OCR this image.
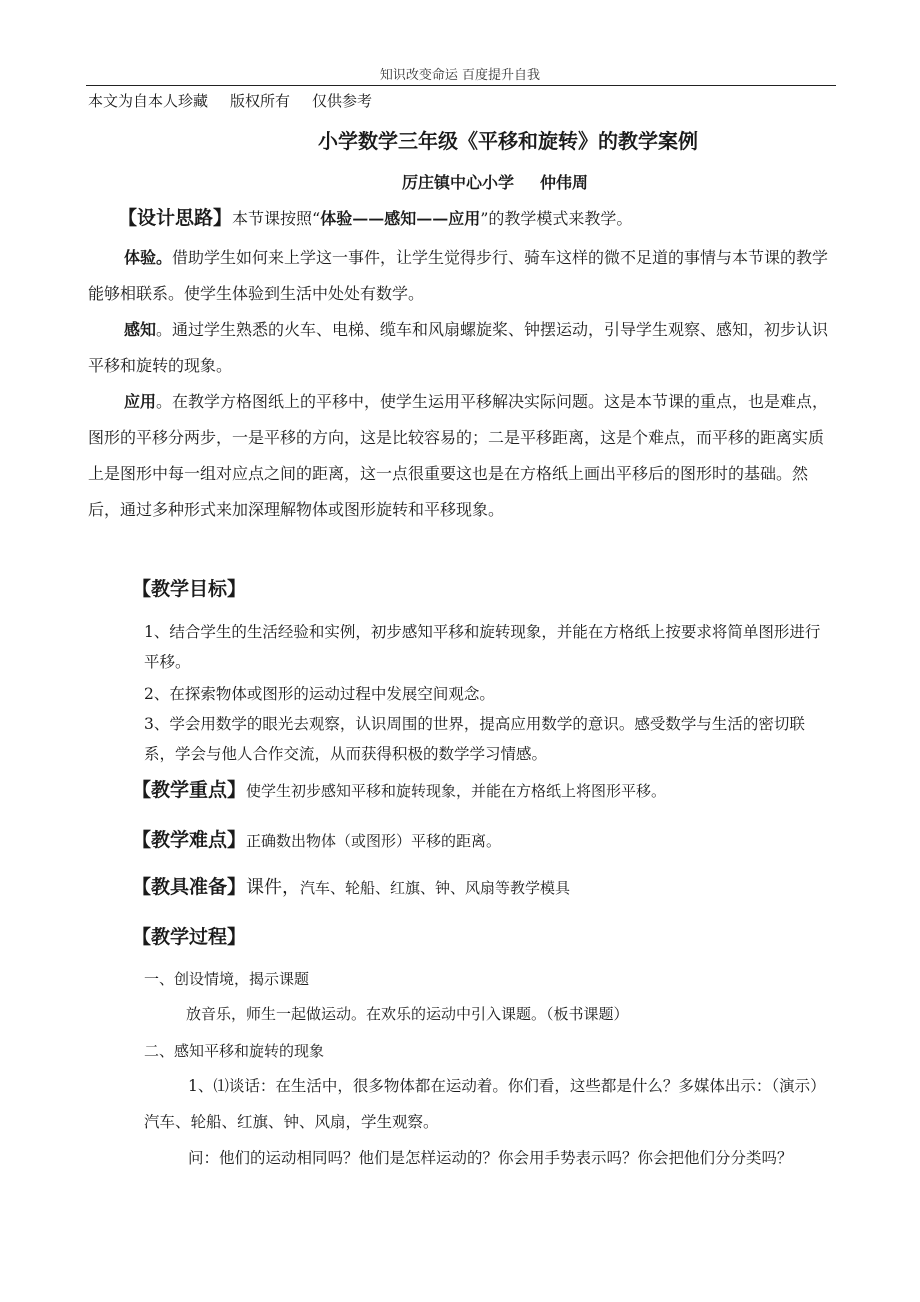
知识改变命运 百度提升自我
本文为自本人珍藏 版权所有 仅供参考
小学数学三年级《平移和旋转》的教学案例
厉庄镇中心小学 仲伟周
【设计思路】本节课按照“体验——感知——应用”的教学模式来教学。
体验。借助学生如何来上学这一事件，让学生觉得步行、骑车这样的微不足道的事情与本节课的教学能够相联系。使学生体验到生活中处处有数学。
感知。通过学生熟悉的火车、电梯、缆车和风扇螺旋桨、钟摆运动，引导学生观察、感知，初步认识平移和旋转的现象。
应用。在教学方格图纸上的平移中，使学生运用平移解决实际问题。这是本节课的重点，也是难点，图形的平移分两步，一是平移的方向，这是比较容易的；二是平移距离，这是个难点，而平移的距离实质上是图形中每一组对应点之间的距离，这一点很重要这也是在方格纸上画出平移后的图形时的基础。然后，通过多种形式来加深理解物体或图形旋转和平移现象。
【教学目标】
1、结合学生的生活经验和实例，初步感知平移和旋转现象，并能在方格纸上按要求将简单图形进行平移。
2、在探索物体或图形的运动过程中发展空间观念。
3、学会用数学的眼光去观察，认识周围的世界，提高应用数学的意识。感受数学与生活的密切联系，学会与他人合作交流，从而获得积极的数学学习情感。
【教学重点】使学生初步感知平移和旋转现象，并能在方格纸上将图形平移。
【教学难点】正确数出物体（或图形）平移的距离。
【教具准备】课件，汽车、轮船、红旗、钟、风扇等教学模具
【教学过程】
一、创设情境，揭示课题
放音乐，师生一起做运动。在欢乐的运动中引入课题。（板书课题）
二、感知平移和旋转的现象
1、⑴谈话：在生活中，很多物体都在运动着。你们看，这些都是什么？多媒体出示：（演示）汽车、轮船、红旗、钟、风扇，学生观察。
问：他们的运动相同吗？他们是怎样运动的？你会用手势表示吗？你会把他们分分类吗？
